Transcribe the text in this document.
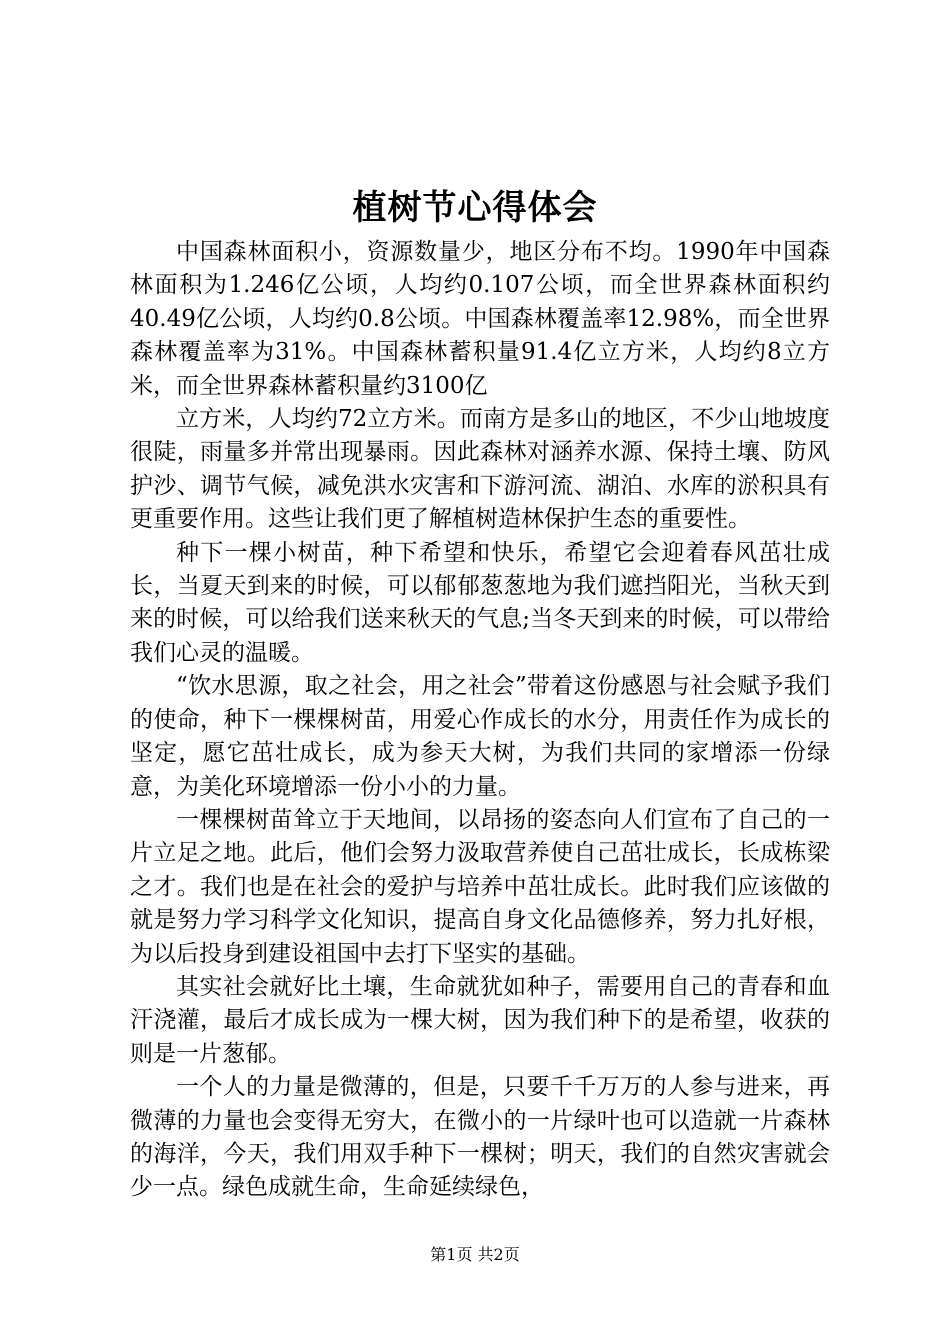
植树节心得体会

中国森林面积小，资源数量少，地区分布不均。1990年中国森林面积为1.246亿公顷，人均约0.107公顷，而全世界森林面积约40.49亿公顷，人均约0.8公顷。中国森林覆盖率12.98%，而全世界森林覆盖率为31%。中国森林蓄积量91.4亿立方米，人均约8立方米，而全世界森林蓄积量约3100亿

立方米，人均约72立方米。而南方是多山的地区，不少山地坡度很陡，雨量多并常出现暴雨。因此森林对涵养水源、保持土壤、防风护沙、调节气候，减免洪水灾害和下游河流、湖泊、水库的淤积具有更重要作用。这些让我们更了解植树造林保护生态的重要性。

种下一棵小树苗，种下希望和快乐，希望它会迎着春风茁壮成长，当夏天到来的时候，可以郁郁葱葱地为我们遮挡阳光，当秋天到来的时候，可以给我们送来秋天的气息;当冬天到来的时候，可以带给我们心灵的温暖。

“饮水思源，取之社会，用之社会”带着这份感恩与社会赋予我们的使命，种下一棵棵树苗，用爱心作成长的水分，用责任作为成长的坚定，愿它茁壮成长，成为参天大树，为我们共同的家增添一份绿意，为美化环境增添一份小小的力量。

一棵棵树苗耸立于天地间，以昂扬的姿态向人们宣布了自己的一片立足之地。此后，他们会努力汲取营养使自己茁壮成长，长成栋梁之才。我们也是在社会的爱护与培养中茁壮成长。此时我们应该做的就是努力学习科学文化知识，提高自身文化品德修养，努力扎好根，为以后投身到建设祖国中去打下坚实的基础。

其实社会就好比土壤，生命就犹如种子，需要用自己的青春和血汗浇灌，最后才成长成为一棵大树，因为我们种下的是希望，收获的则是一片葱郁。

一个人的力量是微薄的，但是，只要千千万万的人参与进来，再微薄的力量也会变得无穷大，在微小的一片绿叶也可以造就一片森林的海洋，今天，我们用双手种下一棵树；明天，我们的自然灾害就会少一点。绿色成就生命，生命延续绿色，

第1页 共2页
